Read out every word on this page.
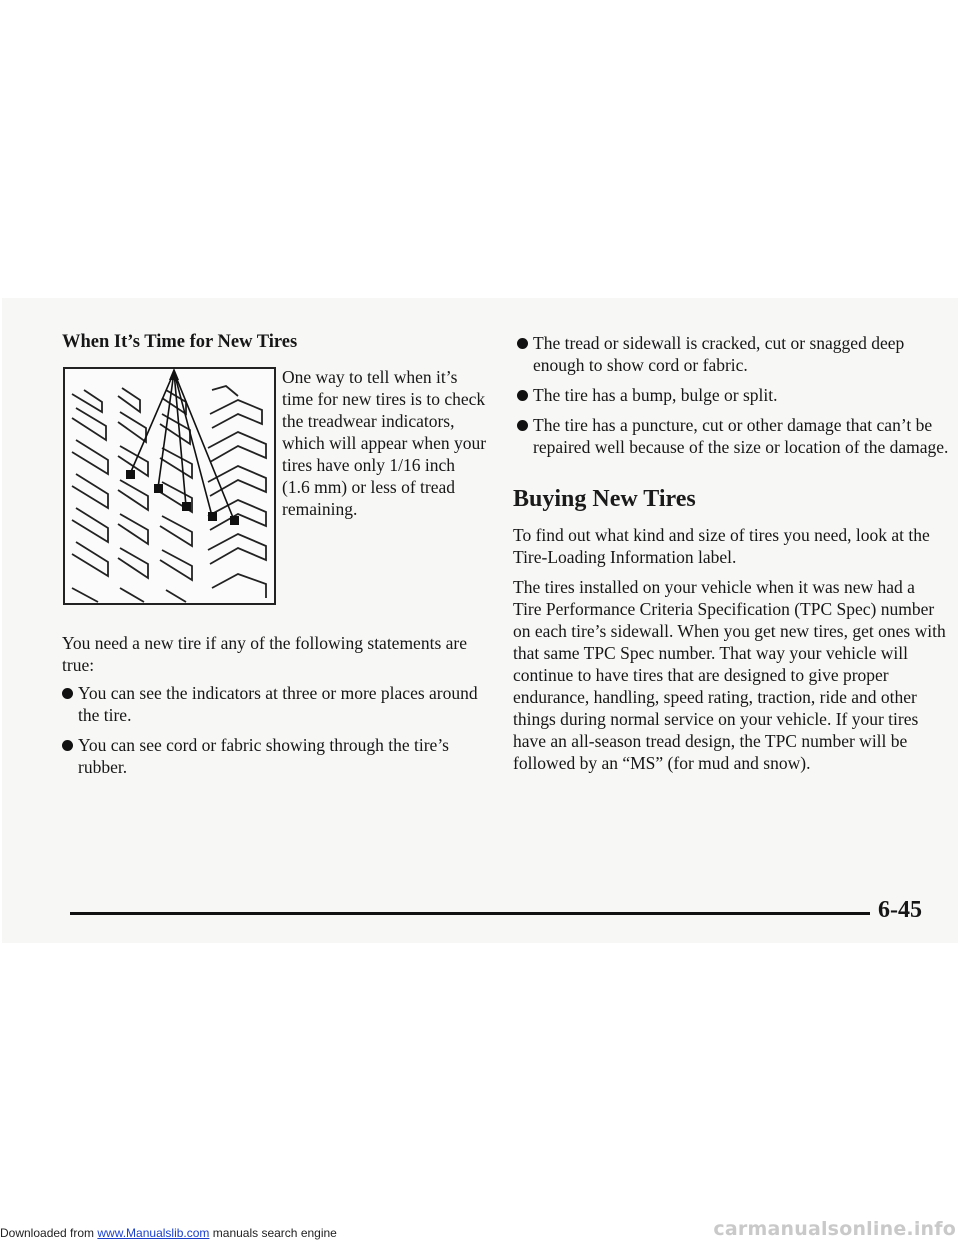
When It’s Time for New Tires

One way to tell when it’s time for new tires is to check the treadwear indicators, which will appear when your tires have only 1/16 inch (1.6 mm) or less of tread remaining.

You need a new tire if any of the following statements are true:

You can see the indicators at three or more places around the tire.
You can see cord or fabric showing through the tire’s rubber.
The tread or sidewall is cracked, cut or snagged deep enough to show cord or fabric.
The tire has a bump, bulge or split.
The tire has a puncture, cut or other damage that can’t be repaired well because of the size or location of the damage.
Buying New Tires

To find out what kind and size of tires you need, look at the Tire-Loading Information label.

The tires installed on your vehicle when it was new had a Tire Performance Criteria Specification (TPC Spec) number on each tire’s sidewall. When you get new tires, get ones with that same TPC Spec number. That way your vehicle will continue to have tires that are designed to give proper endurance, handling, speed rating, traction, ride and other things during normal service on your vehicle. If your tires have an all-season tread design, the TPC number will be followed by an “MS” (for mud and snow).

6-45
Downloaded from www.Manualslib.com manuals search engine	carmanualsonline.info
